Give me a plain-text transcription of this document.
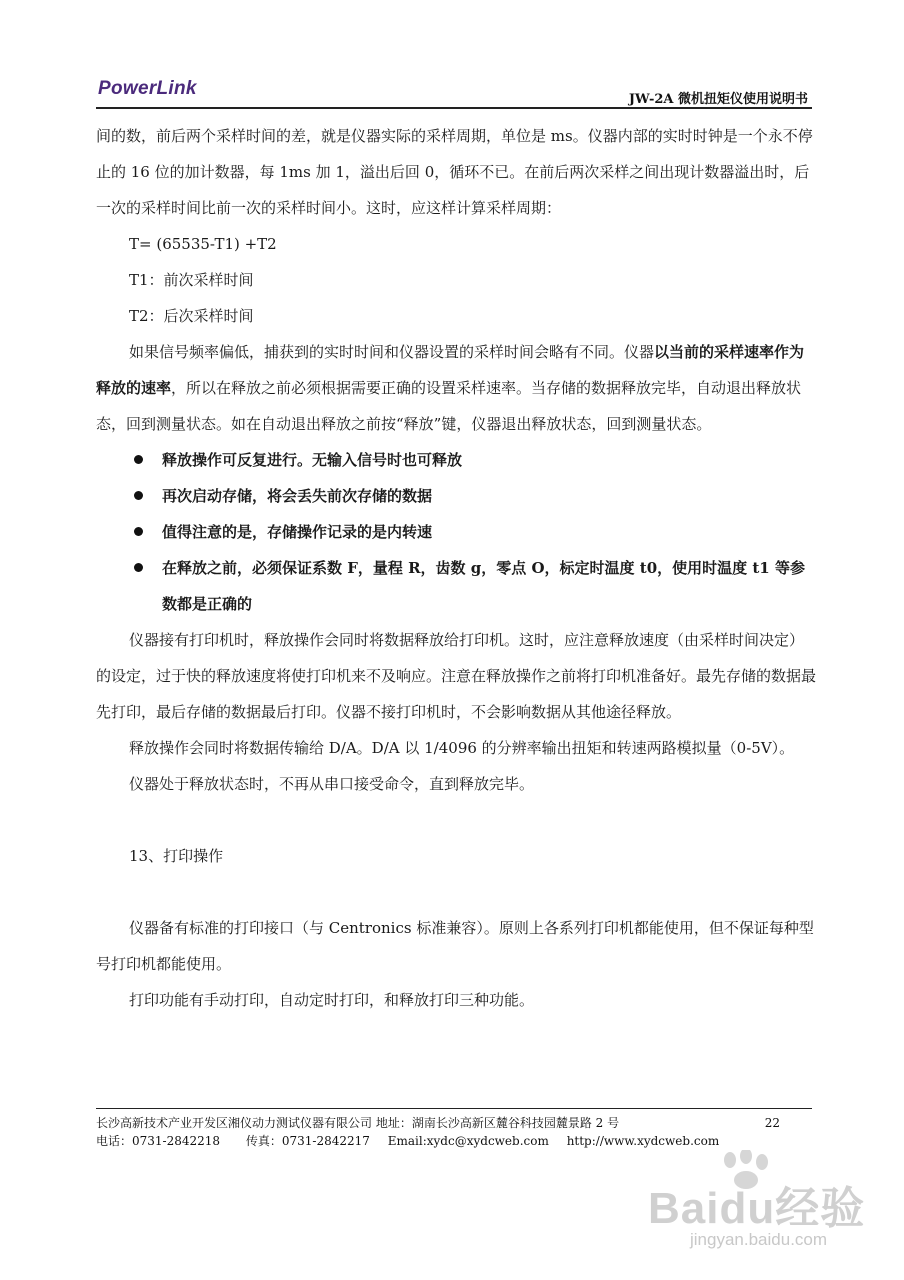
PowerLink
JW-2A 微机扭矩仪使用说明书

间的数，前后两个采样时间的差，就是仪器实际的采样周期，单位是 ms。仪器内部的实时时钟是一个永不停止的 16 位的加计数器，每 1ms 加 1，溢出后回 0，循环不已。在前后两次采样之间出现计数器溢出时，后一次的采样时间比前一次的采样时间小。这时，应这样计算采样周期：

T= (65535-T1) +T2

T1：前次采样时间

T2：后次采样时间

如果信号频率偏低，捕获到的实时时间和仪器设置的采样时间会略有不同。仪器以当前的采样速率作为释放的速率，所以在释放之前必须根据需要正确的设置采样速率。当存储的数据释放完毕，自动退出释放状态，回到测量状态。如在自动退出释放之前按“释放”键，仪器退出释放状态，回到测量状态。

释放操作可反复进行。无输入信号时也可释放
再次启动存储，将会丢失前次存储的数据
值得注意的是，存储操作记录的是内转速
在释放之前，必须保证系数 F，量程 R，齿数 g，零点 O，标定时温度 t0，使用时温度 t1 等参数都是正确的

仪器接有打印机时，释放操作会同时将数据释放给打印机。这时，应注意释放速度（由采样时间决定）的设定，过于快的释放速度将使打印机来不及响应。注意在释放操作之前将打印机准备好。最先存储的数据最先打印，最后存储的数据最后打印。仪器不接打印机时，不会影响数据从其他途径释放。

释放操作会同时将数据传输给 D/A。D/A 以 1/4096 的分辨率输出扭矩和转速两路模拟量（0-5V）。

仪器处于释放状态时，不再从串口接受命令，直到释放完毕。

13、打印操作

仪器备有标准的打印接口（与 Centronics 标准兼容）。原则上各系列打印机都能使用，但不保证每种型号打印机都能使用。

打印功能有手动打印，自动定时打印，和释放打印三种功能。

长沙高新技术产业开发区湘仪动力测试仪器有限公司 地址：湖南长沙高新区麓谷科技园麓景路 2 号	22
电话：0731-2842218 传真：0731-2842217 Email:xydc@xydcweb.com http://www.xydcweb.com
Baidu经验
jingyan.baidu.com
